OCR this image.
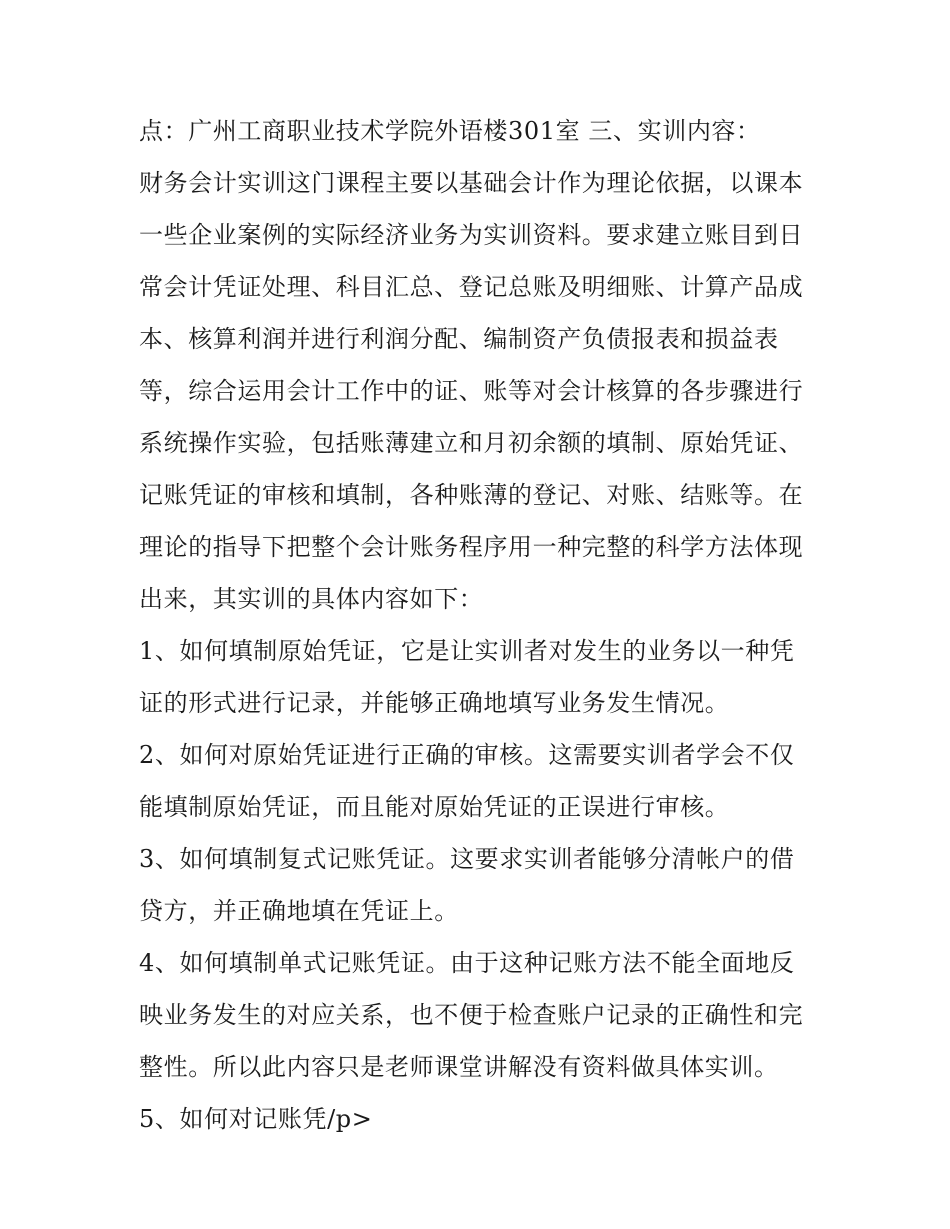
点：广州工商职业技术学院外语楼301室 三、实训内容：
财务会计实训这门课程主要以基础会计作为理论依据，以课本
一些企业案例的实际经济业务为实训资料。要求建立账目到日
常会计凭证处理、科目汇总、登记总账及明细账、计算产品成
本、核算利润并进行利润分配、编制资产负债报表和损益表
等，综合运用会计工作中的证、账等对会计核算的各步骤进行
系统操作实验，包括账薄建立和月初余额的填制、原始凭证、
记账凭证的审核和填制，各种账薄的登记、对账、结账等。在
理论的指导下把整个会计账务程序用一种完整的科学方法体现
出来，其实训的具体内容如下：
1、如何填制原始凭证，它是让实训者对发生的业务以一种凭
证的形式进行记录，并能够正确地填写业务发生情况。
2、如何对原始凭证进行正确的审核。这需要实训者学会不仅
能填制原始凭证，而且能对原始凭证的正误进行审核。
3、如何填制复式记账凭证。这要求实训者能够分清帐户的借
贷方，并正确地填在凭证上。
4、如何填制单式记账凭证。由于这种记账方法不能全面地反
映业务发生的对应关系，也不便于检查账户记录的正确性和完
整性。所以此内容只是老师课堂讲解没有资料做具体实训。
5、如何对记账凭/p>
